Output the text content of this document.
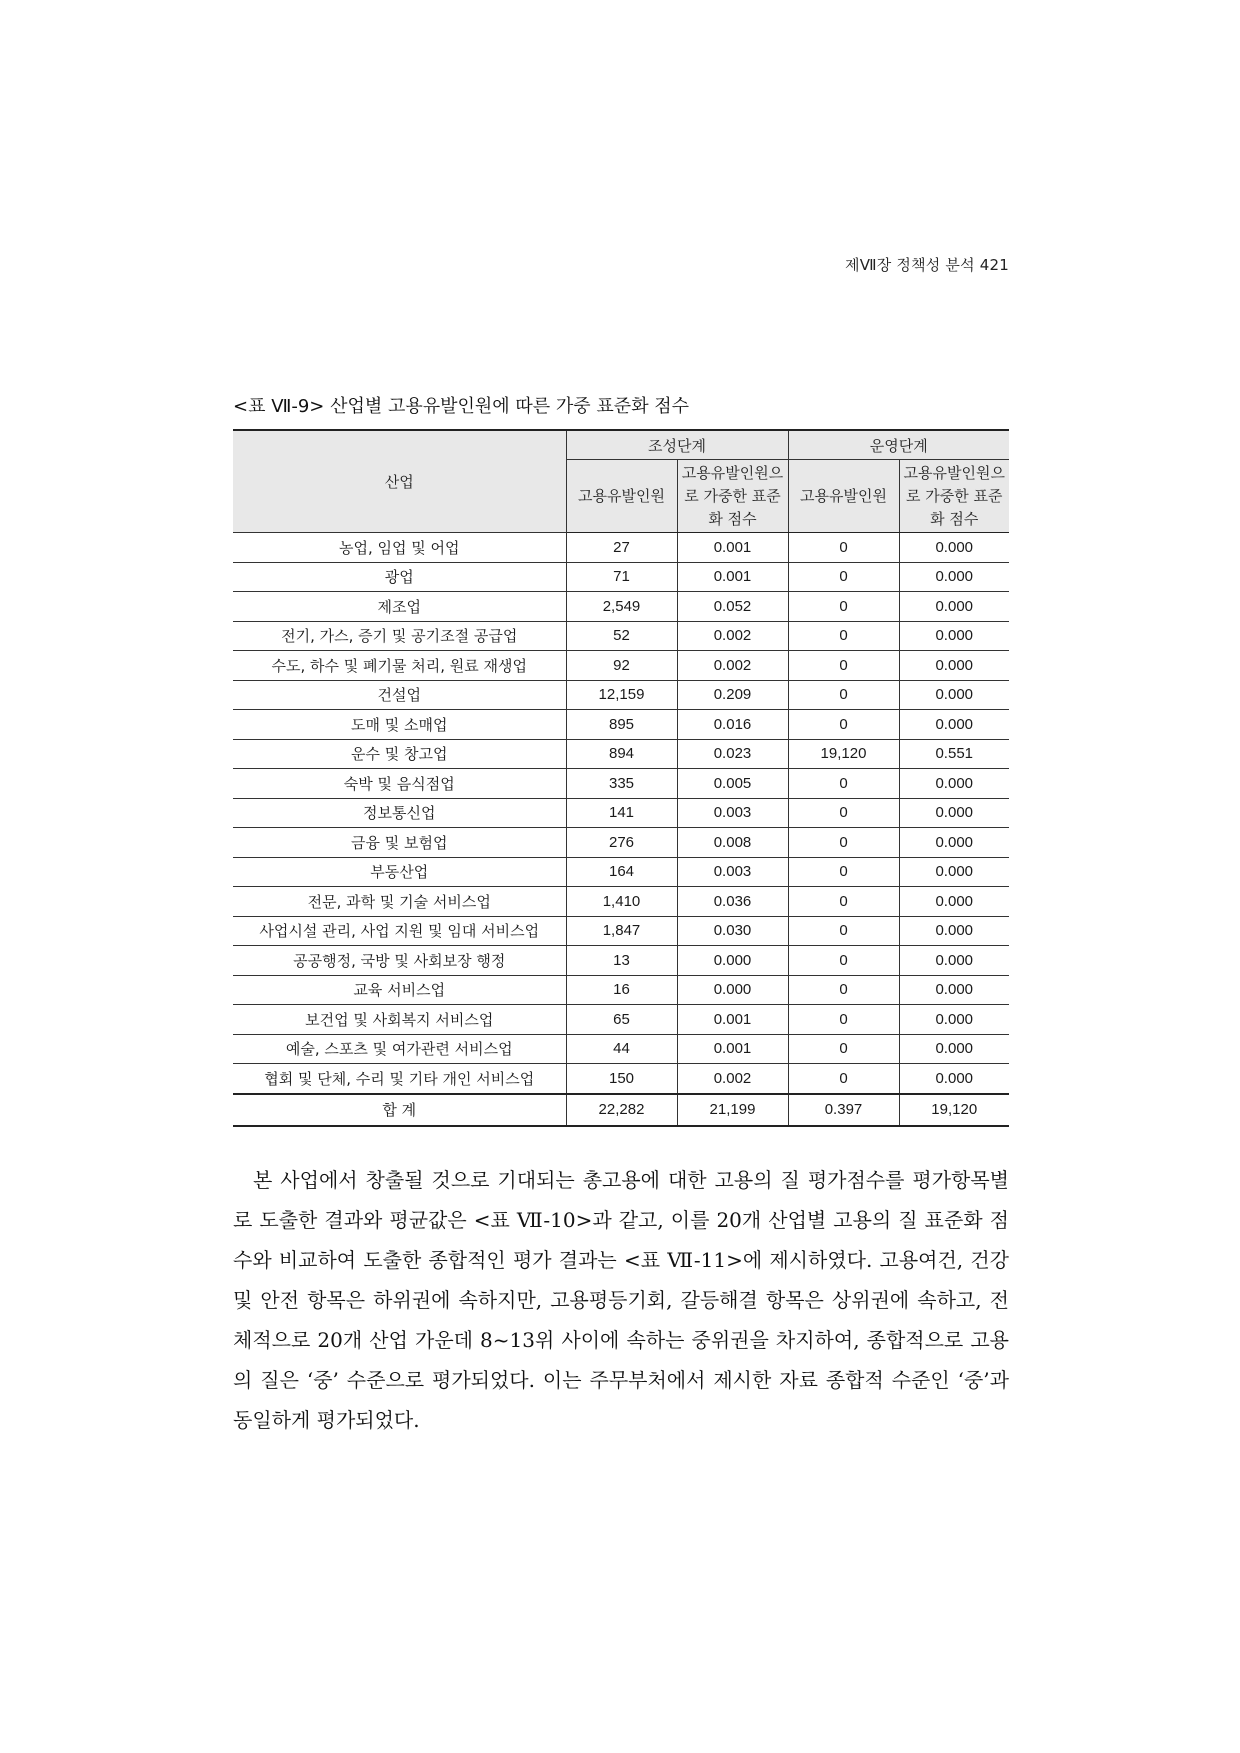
제Ⅶ장 정책성 분석 421
<표 Ⅶ-9> 산업별 고용유발인원에 따른 가중 표준화 점수
산업	조성단계		운영단계	
	고용유발인원	고용유발인원으로 가중한 표준화 점수	고용유발인원	고용유발인원으로 가중한 표준화 점수
농업, 임업 및 어업	27	0.001	0	0.000
광업	71	0.001	0	0.000
제조업	2,549	0.052	0	0.000
전기, 가스, 증기 및 공기조절 공급업	52	0.002	0	0.000
수도, 하수 및 폐기물 처리, 원료 재생업	92	0.002	0	0.000
건설업	12,159	0.209	0	0.000
도매 및 소매업	895	0.016	0	0.000
운수 및 창고업	894	0.023	19,120	0.551
숙박 및 음식점업	335	0.005	0	0.000
정보통신업	141	0.003	0	0.000
금융 및 보험업	276	0.008	0	0.000
부동산업	164	0.003	0	0.000
전문, 과학 및 기술 서비스업	1,410	0.036	0	0.000
사업시설 관리, 사업 지원 및 임대 서비스업	1,847	0.030	0	0.000
공공행정, 국방 및 사회보장 행정	13	0.000	0	0.000
교육 서비스업	16	0.000	0	0.000
보건업 및 사회복지 서비스업	65	0.001	0	0.000
예술, 스포츠 및 여가관련 서비스업	44	0.001	0	0.000
협회 및 단체, 수리 및 기타 개인 서비스업	150	0.002	0	0.000
합 계	22,282	21,199	0.397	19,120

본 사업에서 창출될 것으로 기대되는 총고용에 대한 고용의 질 평가점수를 평가항목별로 도출한 결과와 평균값은 <표 Ⅶ-10>과 같고, 이를 20개 산업별 고용의 질 표준화 점수와 비교하여 도출한 종합적인 평가 결과는 <표 Ⅶ-11>에 제시하였다. 고용여건, 건강 및 안전 항목은 하위권에 속하지만, 고용평등기회, 갈등해결 항목은 상위권에 속하고, 전체적으로 20개 산업 가운데 8~13위 사이에 속하는 중위권을 차지하여, 종합적으로 고용의 질은 ‘중’ 수준으로 평가되었다. 이는 주무부처에서 제시한 자료 종합적 수준인 ‘중’과 동일하게 평가되었다.
